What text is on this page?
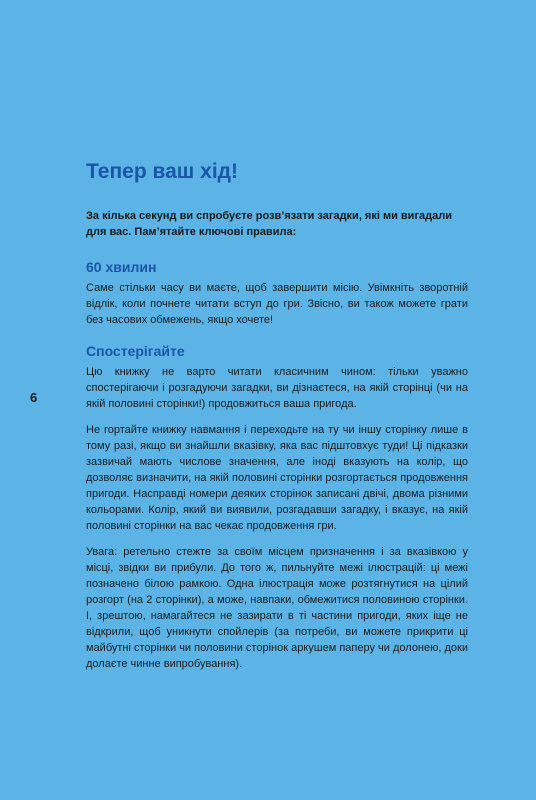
6
Тепер ваш хід!

За кілька секунд ви спробуєте розв’язати загадки, які ми вигадали для вас. Пам’ятайте ключові правила:

60 хвилин

Саме стільки часу ви маєте, щоб завершити місію. Увімкніть зворотній відлік, коли почнете читати вступ до гри. Звісно, ви також можете грати без часових обмежень, якщо хочете!

Спостерігайте

Цю книжку не варто читати класичним чином: тільки уважно спостерігаючи і розгадуючи загадки, ви дізнаєтеся, на якій сторінці (чи на якій половині сторінки!) продовжиться ваша пригода.

Не гортайте книжку навмання і переходьте на ту чи іншу сторінку лише в тому разі, якщо ви знайшли вказівку, яка вас підштовхує туди! Ці підказки зазвичай мають числове значення, але іноді вказують на колір, що дозволяє визначити, на якій половині сторінки розгортається продовження пригоди. Насправді номери деяких сторінок записані двічі, двома різними кольорами. Колір, який ви виявили, розгадавши загадку, і вказує, на якій половині сторінки на вас чекає продовження гри.

Увага: ретельно стежте за своїм місцем призначення і за вказівкою у місці, звідки ви прибули. До того ж, пильнуйте межі ілюстрацій: ці межі позначено білою рамкою. Одна ілюстрація може розтягнутися на цілий розгорт (на 2 сторінки), а може, навпаки, обмежитися половиною сторінки. І, зрештою, намагайтеся не зазирати в ті частини пригоди, яких іще не відкрили, щоб уникнути спойлерів (за потреби, ви можете прикрити ці майбутні сторінки чи половини сторінок аркушем паперу чи долонею, доки долаєте чинне випробування).
